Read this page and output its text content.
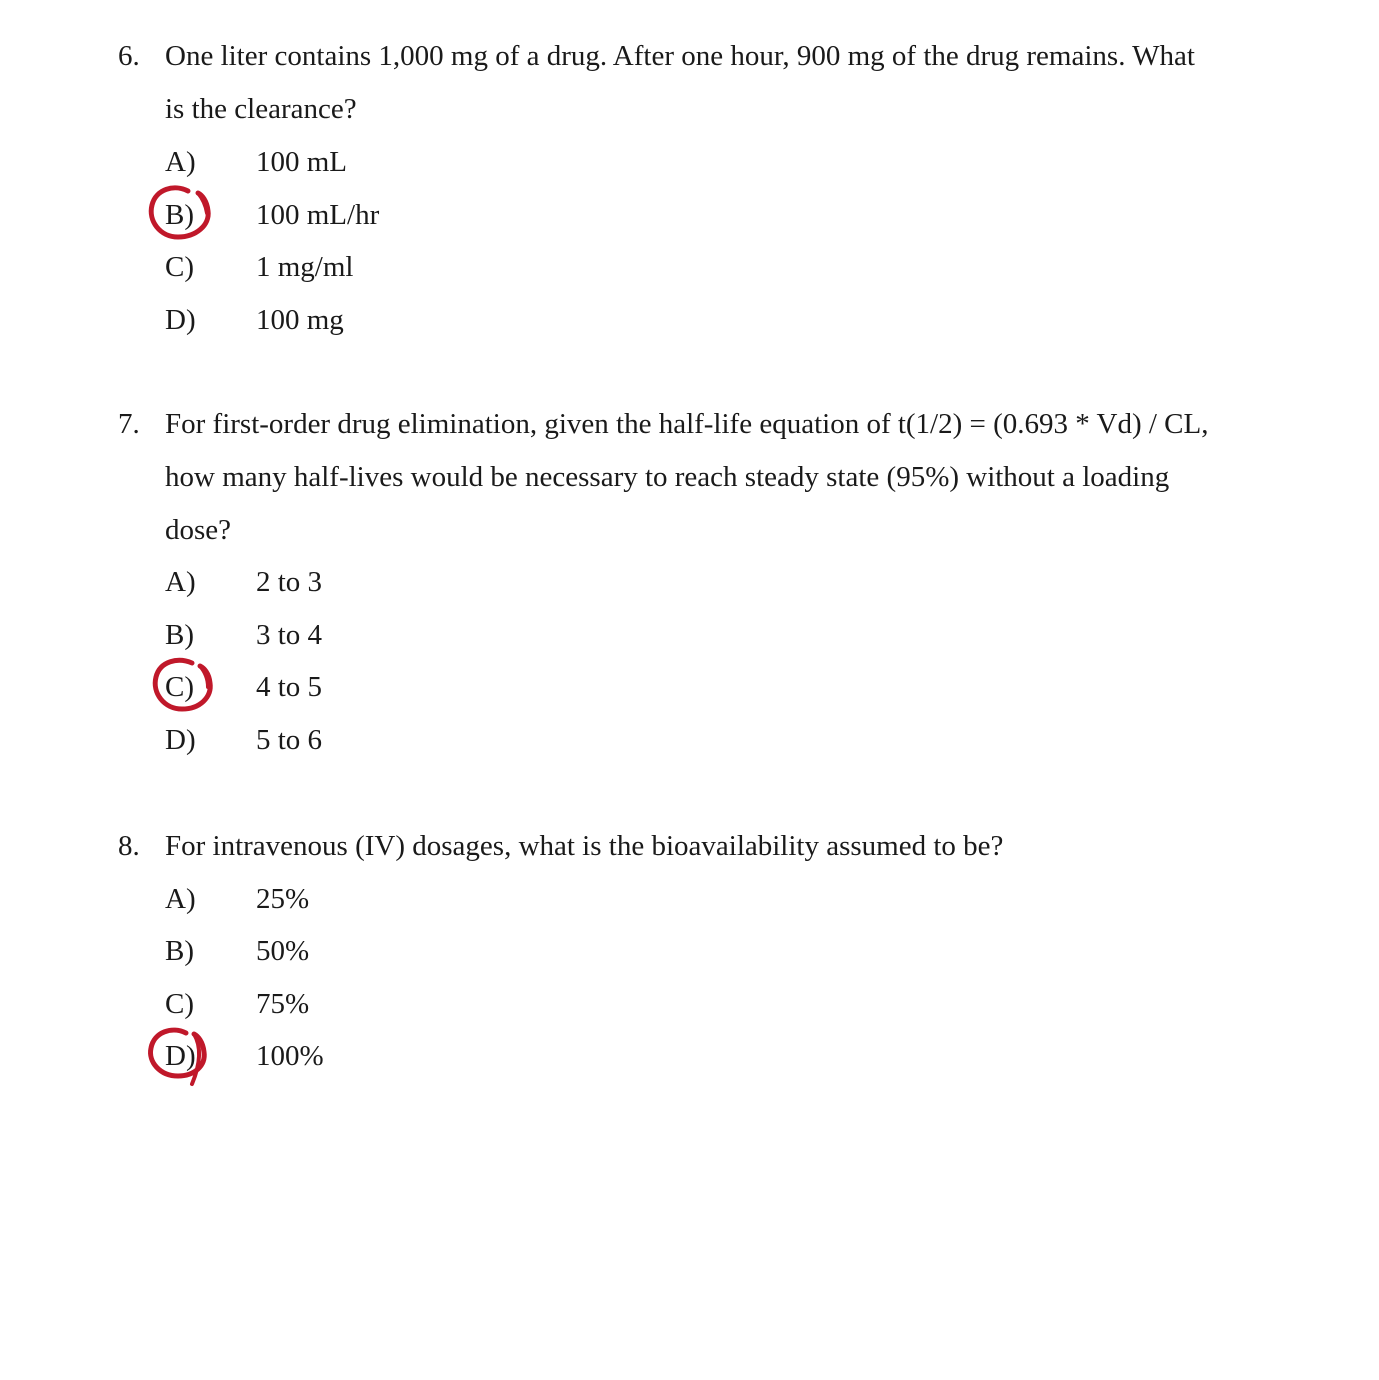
6. One liter contains 1,000 mg of a drug. After one hour, 900 mg of the drug remains. What
is the clearance?
A) 100 mL
B) 100 mL/hr
C) 1 mg/ml
D) 100 mg
7. For first-order drug elimination, given the half-life equation of t(1/2) = (0.693 * Vd) / CL,
how many half-lives would be necessary to reach steady state (95%) without a loading
dose?
A) 2 to 3
B) 3 to 4
C) 4 to 5
D) 5 to 6
8. For intravenous (IV) dosages, what is the bioavailability assumed to be?
A) 25%
B) 50%
C) 75%
D) 100%
